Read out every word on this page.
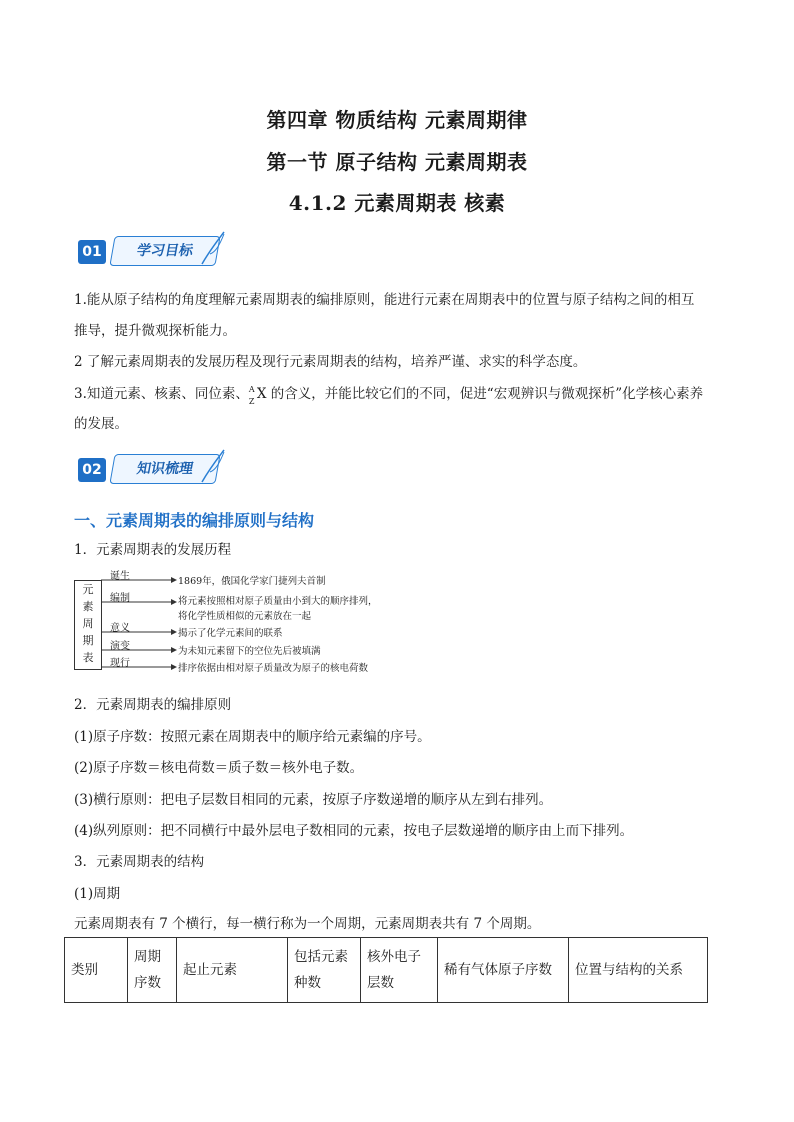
第四章 物质结构 元素周期律
第一节 原子结构 元素周期表
4.1.2 元素周期表 核素
01	学习目标
1.能从原子结构的角度理解元素周期表的编排原则，能进行元素在周期表中的位置与原子结构之间的相互
推导，提升微观探析能力。
2 了解元素周期表的发展历程及现行元素周期表的结构，培养严谨、求实的科学态度。
3.知道元素、核素、同位素、 A
Z X 的含义，并能比较它们的不同，促进“宏观辨识与微观探析”化学核心素养
的发展。
02	知识梳理
一、元素周期表的编排原则与结构
1．元素周期表的发展历程
元
素
周
期
表
诞生
编制
意义
演变
现行
1869年，俄国化学家门捷列夫首制
将元素按照相对原子质量由小到大的顺序排列，
将化学性质相似的元素放在一起
揭示了化学元素间的联系
为未知元素留下的空位先后被填满
排序依据由相对原子质量改为原子的核电荷数
2．元素周期表的编排原则
(1)原子序数：按照元素在周期表中的顺序给元素编的序号。
(2)原子序数＝核电荷数＝质子数＝核外电子数。
(3)横行原则：把电子层数目相同的元素，按原子序数递增的顺序从左到右排列。
(4)纵列原则：把不同横行中最外层电子数相同的元素，按电子层数递增的顺序由上而下排列。
3．元素周期表的结构
(1)周期
元素周期表有 7 个横行，每一横行称为一个周期，元素周期表共有 7 个周期。
类别	周期序数	起止元素	包括元素种数	核外电子层数	稀有气体原子序数	位置与结构的关系
